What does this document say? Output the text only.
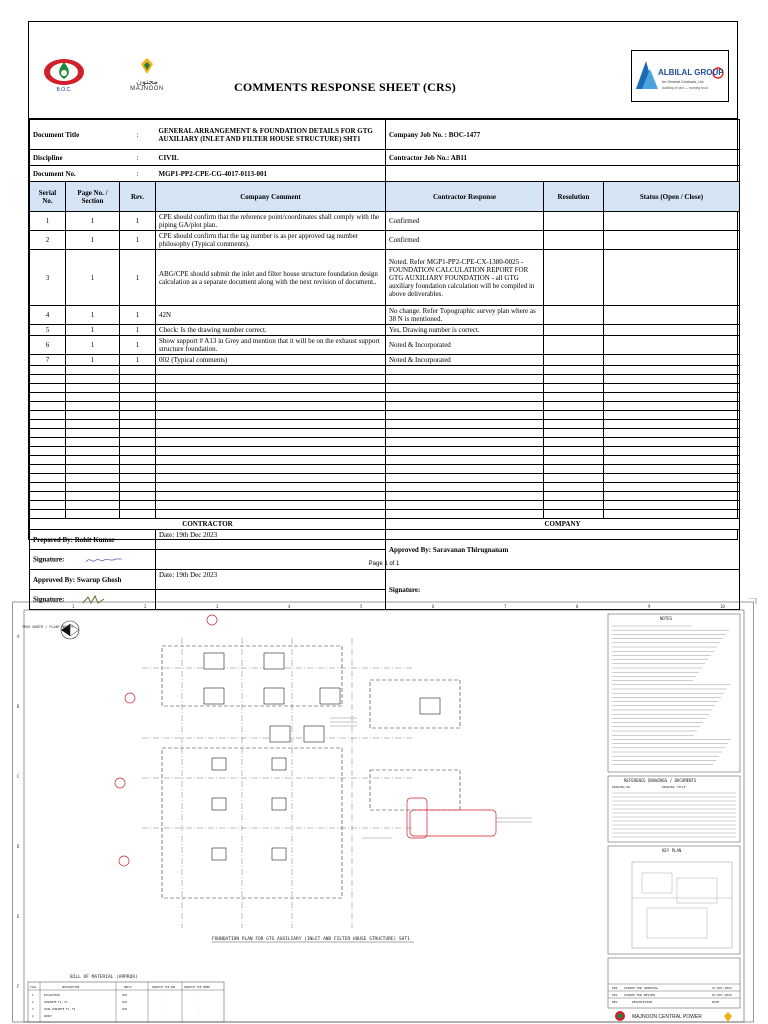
B.O.C.
مجنون
MAJNOON	COMMENTS RESPONSE SHEET (CRS)
ALBILAL GROUP
for General Contracts, Ltd.
building to last — earning trust
Document Title		:	GENERAL ARRANGEMENT & FOUNDATION DETAILS FOR GTG AUXILIARY (INLET AND FILTER HOUSE STRUCTURE) SHT1	Company Job No. : BOC-1477		
Discipline		:	CIVIL	Contractor Job No.: AB11		
Document No.		:	MGP1-PP2-CPE-CG-4017-0113-001			
Serial No.	Page No. / Section	Rev.	Company Comment	Contractor Response	Resolution	Status (Open / Close)
1	1	1	CPE should confirm that the reference point/coordinates shall comply with the piping GA/plot plan.	Confirmed		
2	1	1	CPE should confirm that the tag number is as per approved tag number philosophy (Typical comments).	Confirmed		
3	1	1	ABG/CPE should submit the inlet and filter house structure foundation design calculation as a separate document along with the next revision of document..	Noted. Refer MGP1-PP2-CPE-CX-1380-0025 - FOUNDATION CALCULATION REPORT FOR GTG AUXILIARY FOUNDATION - all GTG auxiliary foundation calculation will be compiled in above deliverables.		
4	1	1	42N	No change. Refer Topographic survey plan where as 38 N is mentioned.		
5	1	1	Check: Is the drawing number correct.	Yes, Drawing number is correct.		
6	1	1	Show support # A13 in Grey and mention that it will be on the exhaust support structure foundation.	Noted & Incorporated		
7	1	1	002 (Typical comments)	Noted & Incorporated		

CONTRACTOR				COMPANY		
Prepared By: Rohit Kumar			Date: 19th Dec 2023	Approved By: Saravanan Thirugnanam		
Signature:						
Approved By: Swarup Ghosh			Date: 19th Dec 2023	Signature:		
Signature:						
Page 1 of 1
1	2	3	4	5	6	7	8	9	10
A
B
C
D
E
F
TRUE NORTH / PLANT NORTH
FOUNDATION PLAN FOR GTG AUXILIARY (INLET AND FILTER HOUSE STRUCTURE) SHT1
NOTES
REFERENCE DRAWINGS / DOCUMENTS
DRAWING NO.	DRAWING TITLE
KEY PLAN
002 ISSUED FOR APPROVAL	27-DEC-2023
001 ISSUED FOR REVIEW	07-DEC-2023
REV	DESCRIPTION	DATE
MAJNOON CENTRAL POWER
BILL OF MATERIAL (APPROX)
Item	DESCRIPTION	UNITS	QUANTITY FOR ONE	QUANTITY FOR THREE
1	EXCAVATION	CUM	-	-
2	CONCRETE F1, F2	CUM	-	-
3	LEAN CONCRETE F1, F2	CUM	-	-
4	GROUT
